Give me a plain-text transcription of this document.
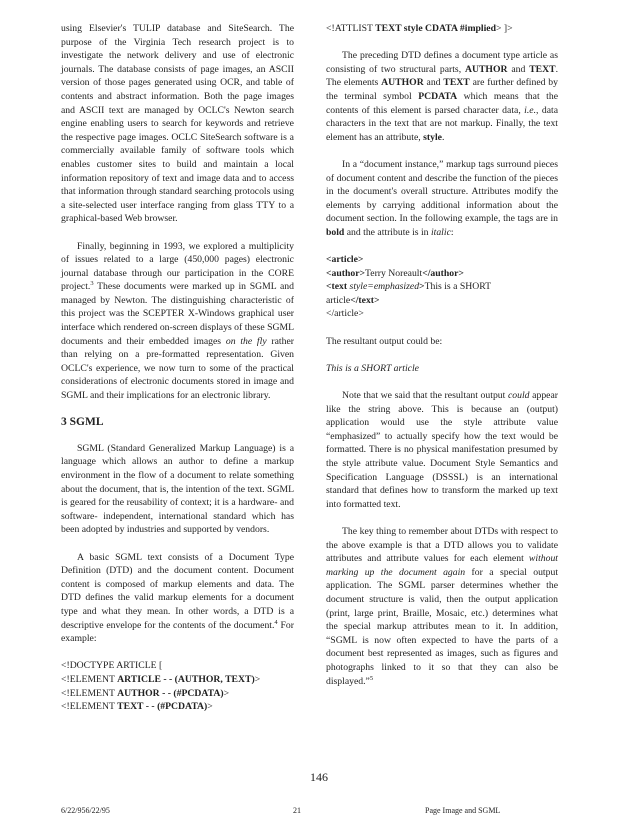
using Elsevier's TULIP database and SiteSearch. The purpose of the Virginia Tech research project is to investigate the network delivery and use of electronic journals. The database consists of page images, an ASCII version of those pages generated using OCR, and table of contents and abstract information. Both the page images and ASCII text are managed by OCLC's Newton search engine enabling users to search for keywords and retrieve the respective page images. OCLC SiteSearch software is a commercially available family of software tools which enables customer sites to build and maintain a local information repository of text and image data and to access that information through standard searching protocols using a site-selected user interface ranging from glass TTY to a graphical-based Web browser.

Finally, beginning in 1993, we explored a multiplicity of issues related to a large (450,000 pages) electronic journal database through our participation in the CORE project.$^3$ These documents were marked up in SGML and managed by Newton. The distinguishing characteristic of this project was the SCEPTER X-Windows graphical user interface which rendered on-screen displays of these SGML documents and their embedded images on the fly rather than relying on a pre-formatted representation. Given OCLC's experience, we now turn to some of the practical considerations of electronic documents stored in image and SGML and their implications for an electronic library.

3 SGML

SGML (Standard Generalized Markup Language) is a language which allows an author to define a markup environment in the flow of a document to relate something about the document, that is, the intention of the text. SGML is geared for the reusability of context; it is a hardware- and software- independent, international standard which has been adopted by industries and supported by vendors.

A basic SGML text consists of a Document Type Definition (DTD) and the document content. Document content is composed of markup elements and data. The DTD defines the valid markup elements for a document type and what they mean. In other words, a DTD is a descriptive envelope for the contents of the document.$^4$ For example:

<!DOCTYPE ARTICLE [
<!ELEMENT ARTICLE - - (AUTHOR, TEXT)>
<!ELEMENT AUTHOR - - (#PCDATA)>
<!ELEMENT TEXT - - (#PCDATA)>
<!ATTLIST TEXT style CDATA #implied> ]>

The preceding DTD defines a document type article as consisting of two structural parts, AUTHOR and TEXT. The elements AUTHOR and TEXT are further defined by the terminal symbol PCDATA which means that the contents of this element is parsed character data, i.e., data characters in the text that are not markup. Finally, the text element has an attribute, style.

In a “document instance,” markup tags surround pieces of document content and describe the function of the pieces in the document's overall structure. Attributes modify the elements by carrying additional information about the document section. In the following example, the tags are in bold and the attribute is in italic:

<article>
<author>Terry Noreault</author>
<text style=emphasized>This is a SHORT
article</text>
</article>

The resultant output could be:

This is a SHORT article

Note that we said that the resultant output could appear like the string above. This is because an (output) application would use the style attribute value “emphasized” to actually specify how the text would be formatted. There is no physical manifestation presumed by the style attribute value. Document Style Semantics and Specification Language (DSSSL) is an international standard that defines how to transform the marked up text into formatted text.

The key thing to remember about DTDs with respect to the above example is that a DTD allows you to validate attributes and attribute values for each element without marking up the document again for a special output application. The SGML parser determines whether the document structure is valid, then the output application (print, large print, Braille, Mosaic, etc.) determines what the special markup attributes mean to it. In addition, “SGML is now often expected to have the parts of a document best represented as images, such as figures and photographs linked to it so that they can also be displayed.”$^5$

146
6/22/956/22/95	21	Page Image and SGML
